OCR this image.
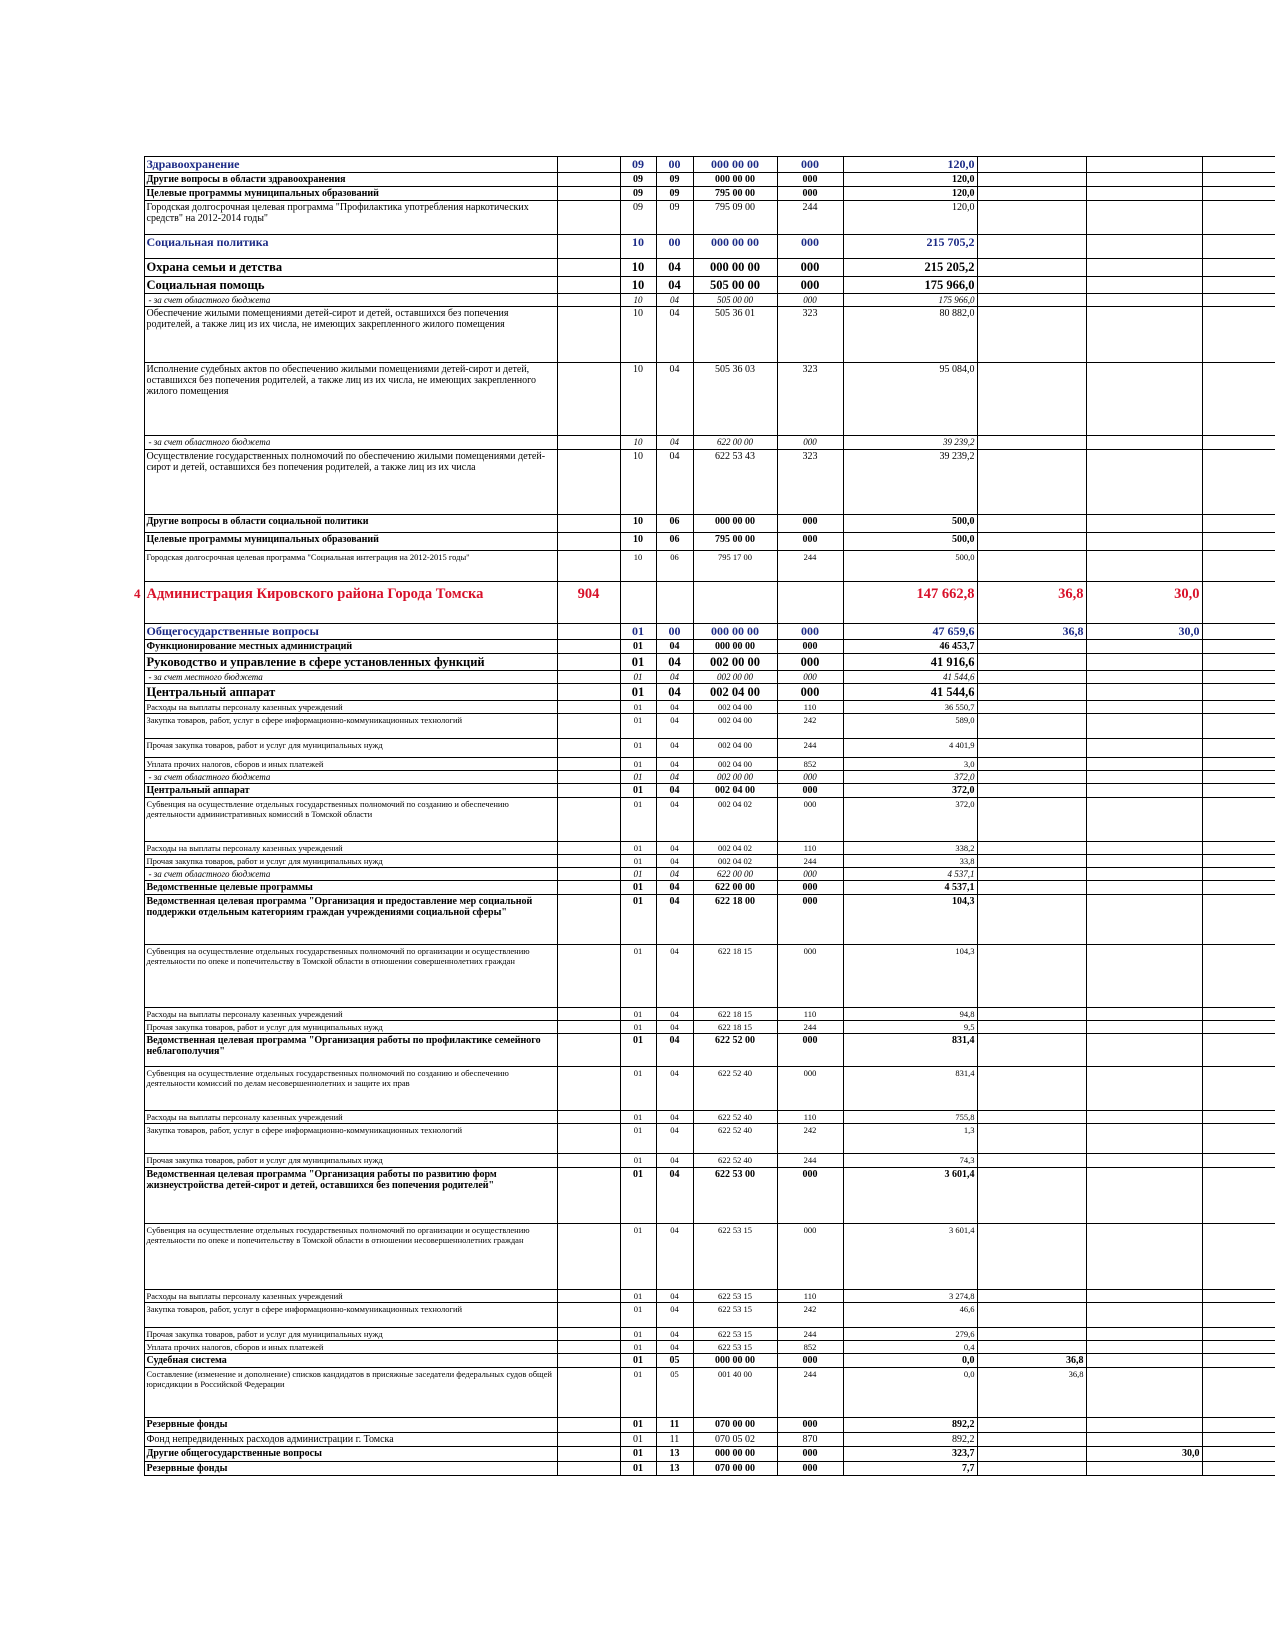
	Здравоохранение		09	00	000 00 00	000	120,0			
	Другие вопросы в области здравоохранения		09	09	000 00 00	000	120,0			
	Целевые программы муниципальных образований		09	09	795 00 00	000	120,0			
	Городская долгосрочная целевая программа "Профилактика употребления наркотических средств" на 2012-2014 годы"		09	09	795 09 00	244	120,0			
	Социальная политика		10	00	000 00 00	000	215 705,2			
	Охрана семьи и детства		10	04	000 00 00	000	215 205,2			
	Социальная помощь		10	04	505 00 00	000	175 966,0			
	- за счет областного бюджета		10	04	505 00 00	000	175 966,0			
	Обеспечение жилыми помещениями детей-сирот и детей, оставшихся без попечения родителей, а также лиц из их числа, не имеющих закрепленного жилого помещения		10	04	505 36 01	323	80 882,0			
	Исполнение судебных актов по обеспечению жилыми помещениями детей-сирот и детей, оставшихся без попечения родителей, а также лиц из их числа, не имеющих закрепленного жилого помещения		10	04	505 36 03	323	95 084,0			
	- за счет областного бюджета		10	04	622 00 00	000	39 239,2			
	Осуществление государственных полномочий по обеспечению жилыми помещениями детей-сирот и детей, оставшихся без попечения родителей, а также лиц из их числа		10	04	622 53 43	323	39 239,2			
	Другие вопросы в области социальной политики		10	06	000 00 00	000	500,0			
	Целевые программы муниципальных образований		10	06	795 00 00	000	500,0			
	Городская долгосрочная целевая программа "Социальная интеграция на 2012-2015 годы"		10	06	795 17 00	244	500,0			
4	Администрация Кировского района Города Томска	904					147 662,8	36,8	30,0	
	Общегосударственные вопросы		01	00	000 00 00	000	47 659,6	36,8	30,0	
	Функционирование местных администраций		01	04	000 00 00	000	46 453,7			
	Руководство и управление в сфере установленных функций		01	04	002 00 00	000	41 916,6			
	- за счет местного бюджета		01	04	002 00 00	000	41 544,6			
	Центральный аппарат		01	04	002 04 00	000	41 544,6			
	Расходы на выплаты персоналу казенных учреждений		01	04	002 04 00	110	36 550,7			
	Закупка товаров, работ, услуг в сфере информационно-коммуникационных технологий		01	04	002 04 00	242	589,0			
	Прочая закупка товаров, работ и услуг для муниципальных нужд		01	04	002 04 00	244	4 401,9			
	Уплата прочих налогов, сборов и иных платежей		01	04	002 04 00	852	3,0			
	- за счет областного бюджета		01	04	002 00 00	000	372,0			
	Центральный аппарат		01	04	002 04 00	000	372,0			
	Субвенция на осуществление отдельных государственных полномочий по созданию и обеспечению деятельности административных комиссий в Томской области		01	04	002 04 02	000	372,0			
	Расходы на выплаты персоналу казенных учреждений		01	04	002 04 02	110	338,2			
	Прочая закупка товаров, работ и услуг для муниципальных нужд		01	04	002 04 02	244	33,8			
	- за счет областного бюджета		01	04	622 00 00	000	4 537,1			
	Ведомственные целевые программы		01	04	622 00 00	000	4 537,1			
	Ведомственная целевая программа "Организация и предоставление мер социальной поддержки отдельным категориям граждан учреждениями социальной сферы"		01	04	622 18 00	000	104,3			
	Субвенция на осуществление отдельных государственных полномочий по организации и осуществлению деятельности по опеке и попечительству в Томской области в отношении совершеннолетних граждан		01	04	622 18 15	000	104,3			
	Расходы на выплаты персоналу казенных учреждений		01	04	622 18 15	110	94,8			
	Прочая закупка товаров, работ и услуг для муниципальных нужд		01	04	622 18 15	244	9,5			
	Ведомственная целевая программа "Организация работы по профилактике семейного неблагополучия"		01	04	622 52 00	000	831,4			
	Субвенция на осуществление отдельных государственных полномочий по созданию и обеспечению деятельности комиссий по делам несовершеннолетних и защите их прав		01	04	622 52 40	000	831,4			
	Расходы на выплаты персоналу казенных учреждений		01	04	622 52 40	110	755,8			
	Закупка товаров, работ, услуг в сфере информационно-коммуникационных технологий		01	04	622 52 40	242	1,3			
	Прочая закупка товаров, работ и услуг для муниципальных нужд		01	04	622 52 40	244	74,3			
	Ведомственная целевая программа "Организация работы по развитию форм жизнеустройства детей-сирот и детей, оставшихся без попечения родителей"		01	04	622 53 00	000	3 601,4			
	Субвенция на осуществление отдельных государственных полномочий по организации и осуществлению деятельности по опеке и попечительству в Томской области в отношении несовершеннолетних граждан		01	04	622 53 15	000	3 601,4			
	Расходы на выплаты персоналу казенных учреждений		01	04	622 53 15	110	3 274,8			
	Закупка товаров, работ, услуг в сфере информационно-коммуникационных технологий		01	04	622 53 15	242	46,6			
	Прочая закупка товаров, работ и услуг для муниципальных нужд		01	04	622 53 15	244	279,6			
	Уплата прочих налогов, сборов и иных платежей		01	04	622 53 15	852	0,4			
	Судебная система		01	05	000 00 00	000	0,0	36,8		
	Составление (изменение и дополнение) списков кандидатов в присяжные заседатели федеральных судов общей юрисдикции в Российской Федерации		01	05	001 40 00	244	0,0	36,8		
	Резервные фонды		01	11	070 00 00	000	892,2			
	Фонд непредвиденных расходов администрации г. Томска		01	11	070 05 02	870	892,2			
	Другие общегосударственные вопросы		01	13	000 00 00	000	323,7		30,0	
	Резервные фонды		01	13	070 00 00	000	7,7			
